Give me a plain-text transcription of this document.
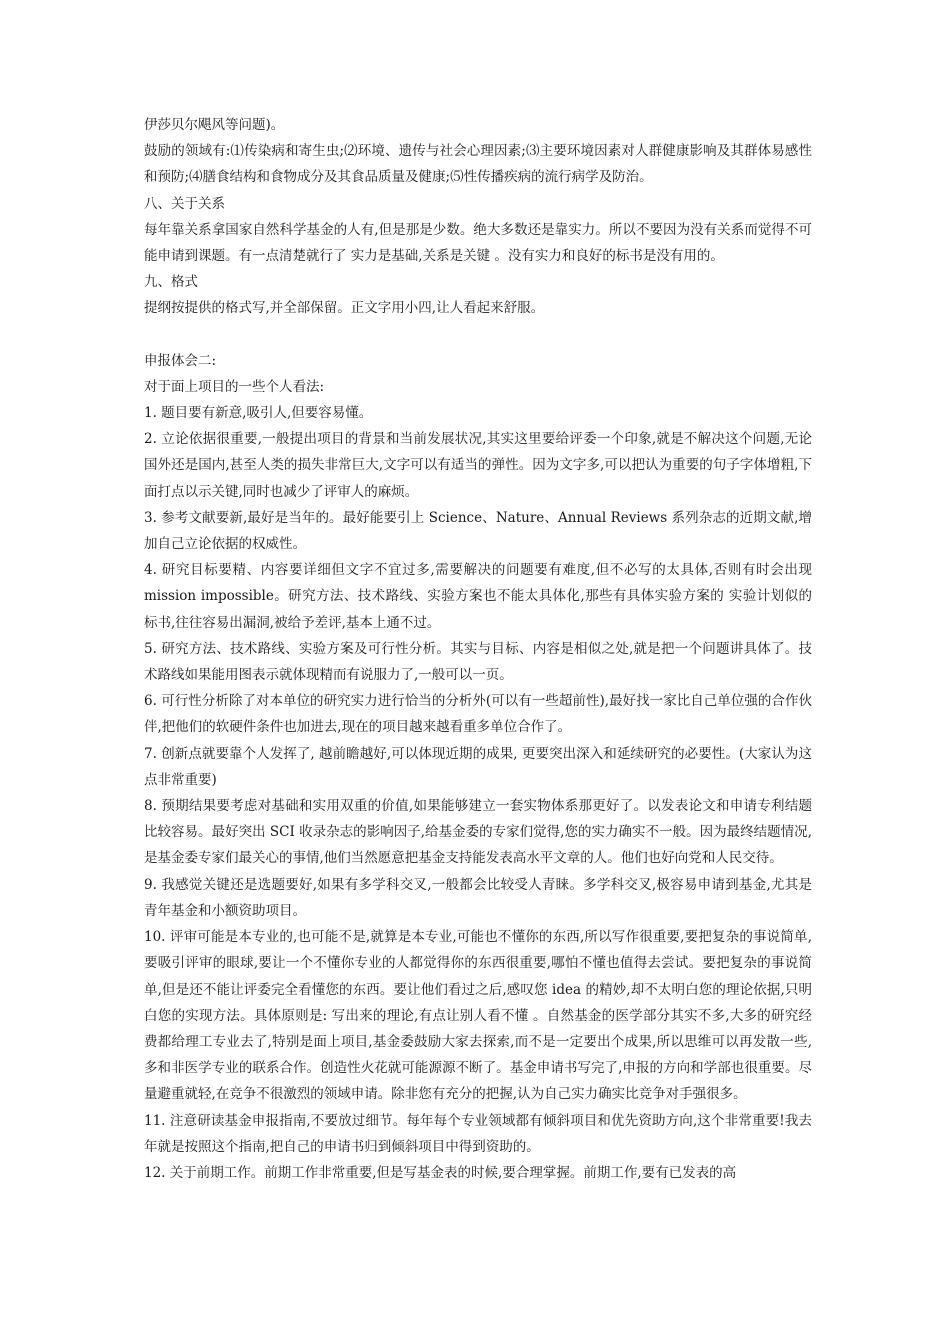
伊莎贝尔飓风等问题)。

鼓励的领域有:⑴传染病和寄生虫;⑵环境、遗传与社会心理因素;⑶主要环境因素对人群健康影响及其群体易感性和预防;⑷膳食结构和食物成分及其食品质量及健康;⑸性传播疾病的流行病学及防治。

八、关于关系

每年靠关系拿国家自然科学基金的人有,但是那是少数。绝大多数还是靠实力。所以不要因为没有关系而觉得不可能申请到课题。有一点清楚就行了 实力是基础,关系是关键 。没有实力和良好的标书是没有用的。

九、格式

提纲按提供的格式写,并全部保留。正文字用小四,让人看起来舒服。

申报体会二:

对于面上项目的一些个人看法:

1. 题目要有新意,吸引人,但要容易懂。

2. 立论依据很重要,一般提出项目的背景和当前发展状况,其实这里要给评委一个印象,就是不解决这个问题,无论国外还是国内,甚至人类的损失非常巨大,文字可以有适当的弹性。因为文字多,可以把认为重要的句子字体增粗,下面打点以示关键,同时也减少了评审人的麻烦。

3. 参考文献要新,最好是当年的。最好能要引上 Science、Nature、Annual Reviews 系列杂志的近期文献,增加自己立论依据的权威性。

4. 研究目标要精、内容要详细但文字不宜过多,需要解决的问题要有难度,但不必写的太具体,否则有时会出现 mission impossible。研究方法、技术路线、实验方案也不能太具体化,那些有具体实验方案的 实验计划似的 标书,往往容易出漏洞,被给予差评,基本上通不过。

5. 研究方法、技术路线、实验方案及可行性分析。其实与目标、内容是相似之处,就是把一个问题讲具体了。技术路线如果能用图表示就体现精而有说服力了,一般可以一页。

6. 可行性分析除了对本单位的研究实力进行恰当的分析外(可以有一些超前性),最好找一家比自己单位强的合作伙伴,把他们的软硬件条件也加进去,现在的项目越来越看重多单位合作了。

7. 创新点就要靠个人发挥了, 越前瞻越好,可以体现近期的成果, 更要突出深入和延续研究的必要性。(大家认为这点非常重要)

8. 预期结果要考虑对基础和实用双重的价值,如果能够建立一套实物体系那更好了。以发表论文和申请专利结题比较容易。最好突出 SCI 收录杂志的影响因子,给基金委的专家们觉得,您的实力确实不一般。因为最终结题情况,是基金委专家们最关心的事情,他们当然愿意把基金支持能发表高水平文章的人。他们也好向党和人民交待。

9. 我感觉关键还是选题要好,如果有多学科交叉,一般都会比较受人青睐。多学科交叉,极容易申请到基金,尤其是青年基金和小额资助项目。

10. 评审可能是本专业的,也可能不是,就算是本专业,可能也不懂你的东西,所以写作很重要,要把复杂的事说简单,要吸引评审的眼球,要让一个不懂你专业的人都觉得你的东西很重要,哪怕不懂也值得去尝试。要把复杂的事说简单,但是还不能让评委完全看懂您的东西。要让他们看过之后,感叹您 idea 的精妙,却不太明白您的理论依据,只明白您的实现方法。具体原则是: 写出来的理论,有点让别人看不懂 。自然基金的医学部分其实不多,大多的研究经费都给理工专业去了,特别是面上项目,基金委鼓励大家去探索,而不是一定要出个成果,所以思维可以再发散一些,多和非医学专业的联系合作。创造性火花就可能源源不断了。基金申请书写完了,申报的方向和学部也很重要。尽量避重就轻,在竞争不很激烈的领域申请。除非您有充分的把握,认为自己实力确实比竞争对手强很多。

11. 注意研读基金申报指南,不要放过细节。每年每个专业领域都有倾斜项目和优先资助方向,这个非常重要!我去年就是按照这个指南,把自己的申请书归到倾斜项目中得到资助的。

12. 关于前期工作。前期工作非常重要,但是写基金表的时候,要合理掌握。前期工作,要有已发表的高
